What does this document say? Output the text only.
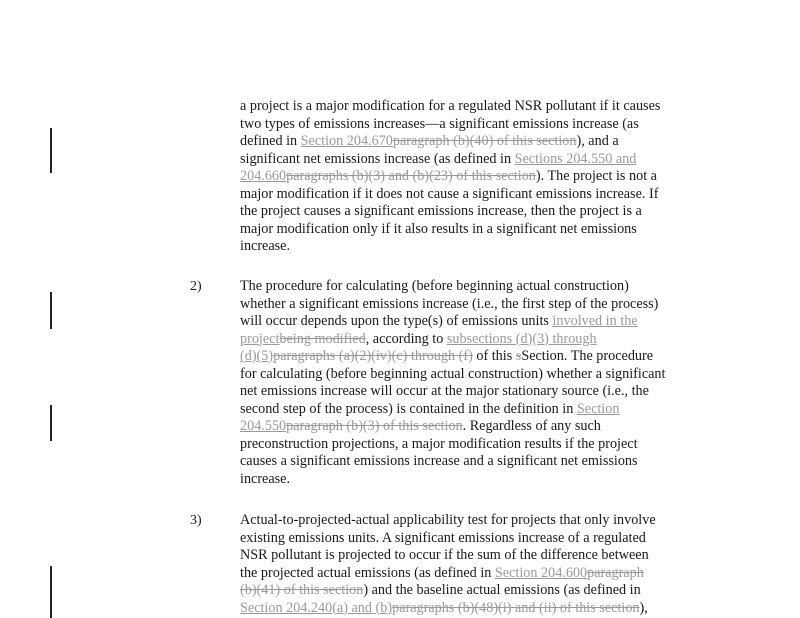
a project is a major modification for a regulated NSR pollutant if it causes
two types of emissions increases—a significant emissions increase (as
defined in Section 204.670paragraph (b)(40) of this section), and a
significant net emissions increase (as defined in Sections 204.550 and
204.660paragraphs (b)(3) and (b)(23) of this section). The project is not a
major modification if it does not cause a significant emissions increase. If
the project causes a significant emissions increase, then the project is a
major modification only if it also results in a significant net emissions
increase.
2)	The procedure for calculating (before beginning actual construction)
whether a significant emissions increase (i.e., the first step of the process)
will occur depends upon the type(s) of emissions units involved in the
projectbeing modified, according to subsections (d)(3) through
(d)(5)paragraphs (a)(2)(iv)(c) through (f) of this sSection. The procedure
for calculating (before beginning actual construction) whether a significant
net emissions increase will occur at the major stationary source (i.e., the
second step of the process) is contained in the definition in Section
204.550paragraph (b)(3) of this section. Regardless of any such
preconstruction projections, a major modification results if the project
causes a significant emissions increase and a significant net emissions
increase.
3)	Actual-to-projected-actual applicability test for projects that only involve
existing emissions units. A significant emissions increase of a regulated
NSR pollutant is projected to occur if the sum of the difference between
the projected actual emissions (as defined in Section 204.600paragraph
(b)(41) of this section) and the baseline actual emissions (as defined in
Section 204.240(a) and (b)paragraphs (b)(48)(i) and (ii) of this section),
